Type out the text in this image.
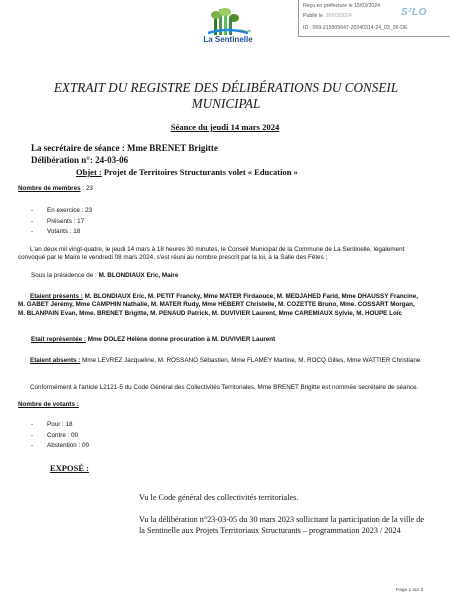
Reçu en préfecture le 15/03/2024
Publié le 20/03/2024
ID : 059-215905647-20240314-24_03_06-DE
S²LO
Ville de
La Sentinelle
EXTRAIT DU REGISTRE DES DÉLIBÉRATIONS DU CONSEIL MUNICIPAL
Séance du jeudi 14 mars 2024
La secrétaire de séance : Mme BRENET Brigitte
Délibération n°: 24-03-06
Objet : Projet de Territoires Structurants volet « Education »
Nombre de membres : 23
- En exercice : 23
- Présents : 17
- Votants : 18
L'an deux mil vingt-quatre, le jeudi 14 mars à 18 heures 30 minutes, le Conseil Municipal de la Commune de La Sentinelle, légalement convoqué par le Maire le vendredi 08 mars 2024, s'est réuni au nombre prescrit par la loi, à la Salle des Fêtes ;
Sous la présidence de : M. BLONDIAUX Eric, Maire
Etaient présents : M. BLONDIAUX Eric, M. PETIT Francky, Mme MATER Firdaouce, M. MEDJAHED Farid, Mme DHAUSSY Francine, M. GABET Jérémy, Mme CAMPHIN Nathalie, M. MATER Rudy, Mme HEBERT Christelle, M. COZETTE Bruno, Mme. COSSART Morgan, M. BLANPAIN Evan, Mme. BRENET Brigitte, M. PENAUD Patrick, M. DUVIVIER Laurent, Mme CAREMIAUX Sylvie, M. HOUPE Loïc
Etait représentée : Mme DOLEZ Hélène donne procuration à M. DUVIVIER Laurent
Etaient absents : Mme LEVREZ Jacqueline, M. ROSSANO Sébastien, Mme FLAMEY Martine, M. ROCQ Gilles, Mme WATTIER Christiane
Conformément à l'article L2121-5 du Code Général des Collectivités Territoriales, Mme BRENET Brigitte est nommée secrétaire de séance.
Nombre de votants :
- Pour : 18
- Contre : 00
- Abstention : 00
EXPOSÉ :
Vu le Code général des collectivités territoriales.
Vu la délibération n°23-03-05 du 30 mars 2023 sollicitant la participation de la ville de la Sentinelle aux Projets Territoriaux Structurants – programmation 2023 / 2024
Page 1 sur 2
